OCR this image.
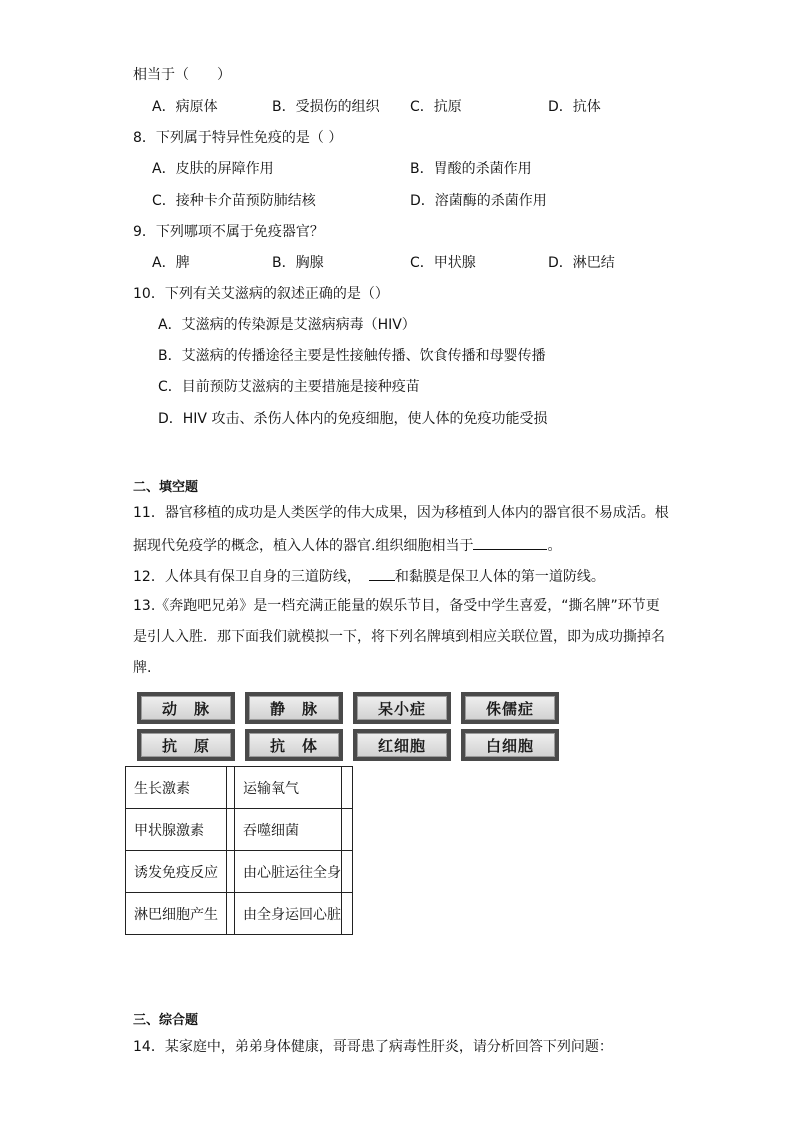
相当于（　　）
A．病原体	B．受损伤的组织 C．抗原	D．抗体
8．下列属于特异性免疫的是（ ）
A．皮肤的屏障作用	B．胃酸的杀菌作用
C．接种卡介苗预防肺结核	D．溶菌酶的杀菌作用
9．下列哪项不属于免疫器官？
A．脾	B．胸腺	C．甲状腺	D．淋巴结
10．下列有关艾滋病的叙述正确的是（）
A．艾滋病的传染源是艾滋病病毒（HIV）
B．艾滋病的传播途径主要是性接触传播、饮食传播和母婴传播
C．目前预防艾滋病的主要措施是接种疫苗
D．HIV 攻击、杀伤人体内的免疫细胞，使人体的免疫功能受损
二、填空题
11．器官移植的成功是人类医学的伟大成果，因为移植到人体内的器官很不易成活。根
据现代免疫学的概念，植入人体的器官.组织细胞相当于	。
12．人体具有保卫自身的三道防线， 和黏膜是保卫人体的第一道防线。
13.《奔跑吧兄弟》是一档充满正能量的娱乐节目，备受中学生喜爱，“撕名牌”环节更
是引人入胜．那下面我们就模拟一下，将下列名牌填到相应关联位置，即为成功撕掉名
牌.
动　脉	静　脉	呆小症	侏儒症
抗　原	抗　体	红细胞	白细胞
生长激素		运输氧气	
甲状腺激素		吞噬细菌	
诱发免疫反应		由心脏运往全身	
淋巴细胞产生		由全身运回心脏	
三、综合题
14．某家庭中，弟弟身体健康，哥哥患了病毒性肝炎，请分析回答下列问题：
